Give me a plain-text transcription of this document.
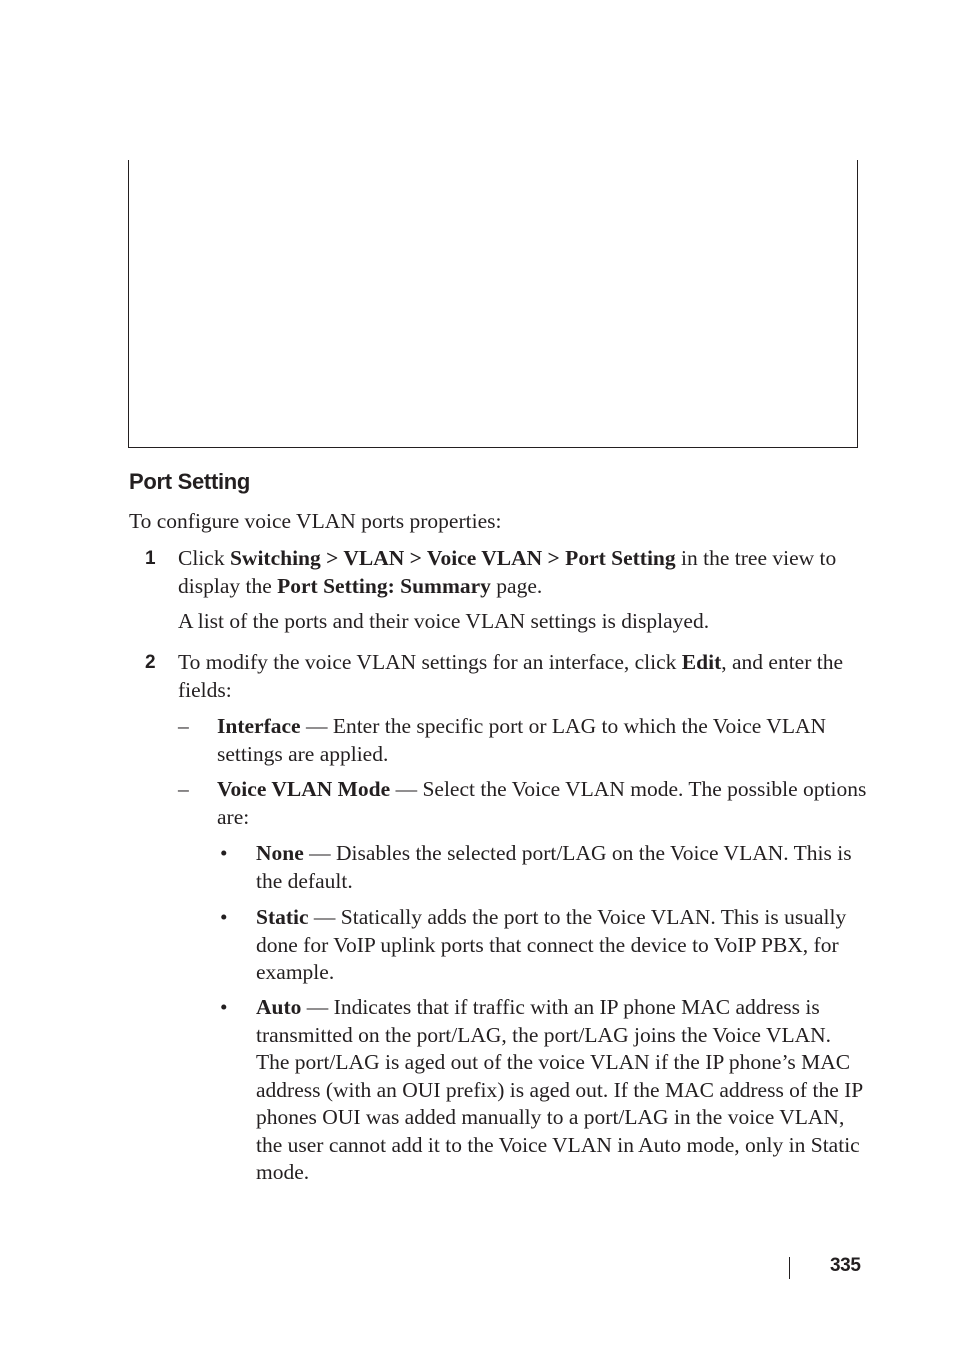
Port Setting

To configure voice VLAN ports properties:

1 Click Switching > VLAN > Voice VLAN > Port Setting in the tree view to display the Port Setting: Summary page.

A list of the ports and their voice VLAN settings is displayed.

2 To modify the voice VLAN settings for an interface, click Edit, and enter the fields:

– Interface — Enter the specific port or LAG to which the Voice VLAN settings are applied.

– Voice VLAN Mode — Select the Voice VLAN mode. The possible options are:

• None — Disables the selected port/LAG on the Voice VLAN. This is the default.

• Static — Statically adds the port to the Voice VLAN. This is usually done for VoIP uplink ports that connect the device to VoIP PBX, for example.

• Auto — Indicates that if traffic with an IP phone MAC address is transmitted on the port/LAG, the port/LAG joins the Voice VLAN. The port/LAG is aged out of the voice VLAN if the IP phone’s MAC address (with an OUI prefix) is aged out. If the MAC address of the IP phones OUI was added manually to a port/LAG in the voice VLAN, the user cannot add it to the Voice VLAN in Auto mode, only in Static mode.

335
